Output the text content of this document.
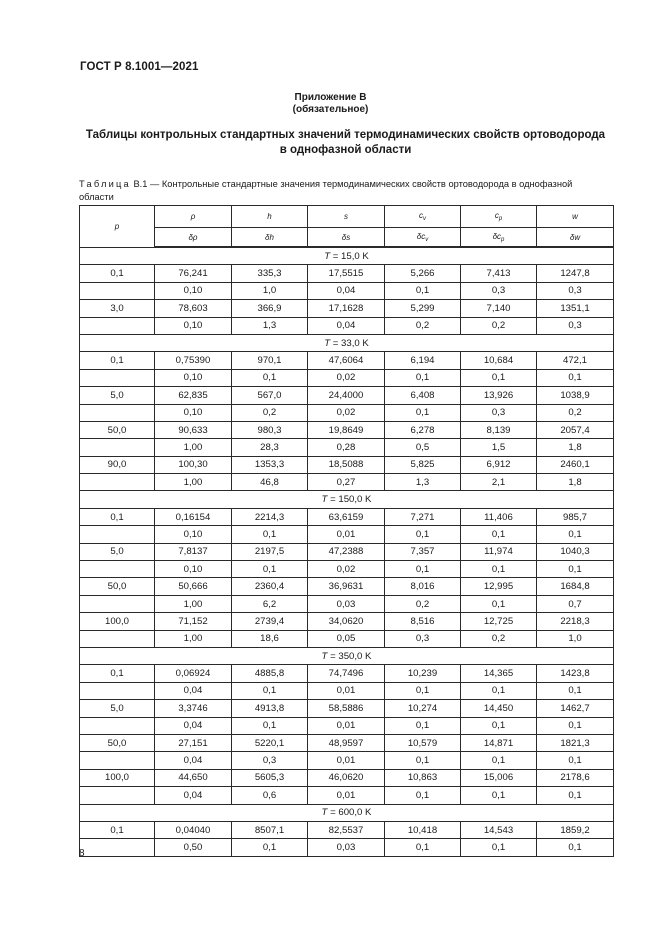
ГОСТ Р 8.1001—2021
Приложение В
(обязательное)
Таблицы контрольных стандартных значений термодинамических свойств ортоводорода
в однофазной области
Таблица В.1 — Контрольные стандартные значения термодинамических свойств ортоводорода в однофазной
области
p	ρ	h	s	$c_v$	$c_p$	w
	δρ	δh	δs	$\delta c_v$	$\delta c_p$	δw
T = 15,0 K						
0,1	76,241	335,3	17,5515	5,266	7,413	1247,8
	0,10	1,0	0,04	0,1	0,3	0,3
3,0	78,603	366,9	17,1628	5,299	7,140	1351,1
	0,10	1,3	0,04	0,2	0,2	0,3
T = 33,0 K						
0,1	0,75390	970,1	47,6064	6,194	10,684	472,1
	0,10	0,1	0,02	0,1	0,1	0,1
5,0	62,835	567,0	24,4000	6,408	13,926	1038,9
	0,10	0,2	0,02	0,1	0,3	0,2
50,0	90,633	980,3	19,8649	6,278	8,139	2057,4
	1,00	28,3	0,28	0,5	1,5	1,8
90,0	100,30	1353,3	18,5088	5,825	6,912	2460,1
	1,00	46,8	0,27	1,3	2,1	1,8
T = 150,0 K						
0,1	0,16154	2214,3	63,6159	7,271	11,406	985,7
	0,10	0,1	0,01	0,1	0,1	0,1
5,0	7,8137	2197,5	47,2388	7,357	11,974	1040,3
	0,10	0,1	0,02	0,1	0,1	0,1
50,0	50,666	2360,4	36,9631	8,016	12,995	1684,8
	1,00	6,2	0,03	0,2	0,1	0,7
100,0	71,152	2739,4	34,0620	8,516	12,725	2218,3
	1,00	18,6	0,05	0,3	0,2	1,0
T = 350,0 K						
0,1	0,06924	4885,8	74,7496	10,239	14,365	1423,8
	0,04	0,1	0,01	0,1	0,1	0,1
5,0	3,3746	4913,8	58,5886	10,274	14,450	1462,7
	0,04	0,1	0,01	0,1	0,1	0,1
50,0	27,151	5220,1	48,9597	10,579	14,871	1821,3
	0,04	0,3	0,01	0,1	0,1	0,1
100,0	44,650	5605,3	46,0620	10,863	15,006	2178,6
	0,04	0,6	0,01	0,1	0,1	0,1
T = 600,0 K						
0,1	0,04040	8507,1	82,5537	10,418	14,543	1859,2
	0,50	0,1	0,03	0,1	0,1	0,1
8
